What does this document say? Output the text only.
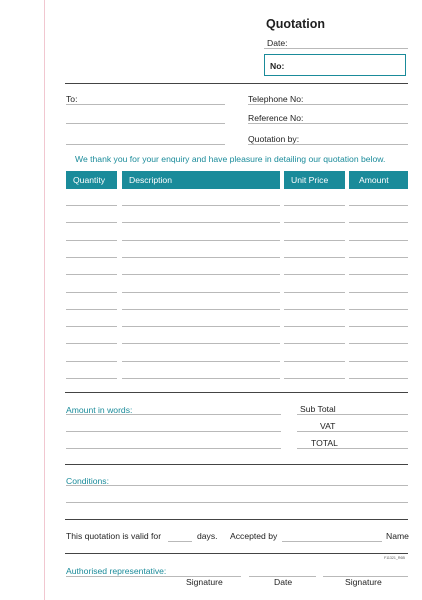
Quotation
Date:
No:
To:	Telephone No:
Reference No:
Quotation by:
We thank you for your enquiry and have pleasure in detailing our quotation below.
Quantity	Description	Unit Price	Amount
Amount in words:	Sub Total
VAT
TOTAL
Conditions:
This quotation is valid for	days. Accepted by	Name
F11321_R6B
Authorised representative:
Signature	Date	Signature
